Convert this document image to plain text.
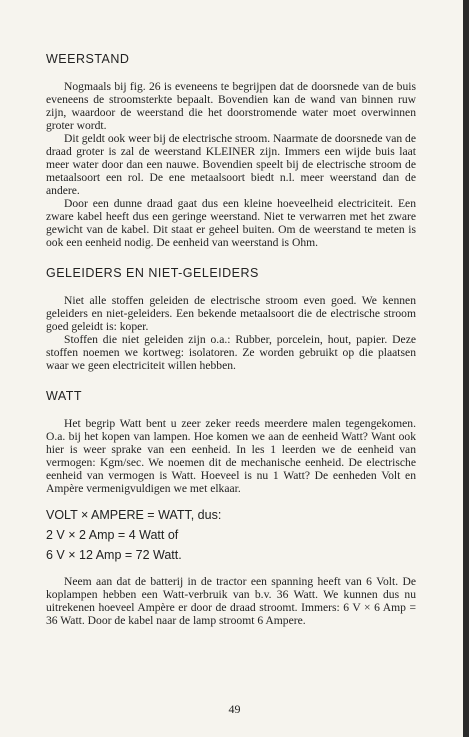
WEERSTAND

Nogmaals bij fig. 26 is eveneens te begrijpen dat de doorsnede van de buis eveneens de stroomsterkte bepaalt. Bovendien kan de wand van binnen ruw zijn, waardoor de weerstand die het doorstromende water moet overwinnen groter wordt.

Dit geldt ook weer bij de electrische stroom. Naarmate de doorsnede van de draad groter is zal de weerstand KLEINER zijn. Immers een wijde buis laat meer water door dan een nauwe. Bovendien speelt bij de electrische stroom de metaalsoort een rol. De ene metaalsoort biedt n.l. meer weerstand dan de andere.

Door een dunne draad gaat dus een kleine hoeveelheid electriciteit. Een zware kabel heeft dus een geringe weerstand. Niet te verwarren met het zware gewicht van de kabel. Dit staat er geheel buiten. Om de weerstand te meten is ook een eenheid nodig. De eenheid van weerstand is Ohm.

GELEIDERS EN NIET-GELEIDERS

Niet alle stoffen geleiden de electrische stroom even goed. We kennen geleiders en niet-geleiders. Een bekende metaalsoort die de electrische stroom goed geleidt is: koper.

Stoffen die niet geleiden zijn o.a.: Rubber, porcelein, hout, papier. Deze stoffen noemen we kortweg: isolatoren. Ze worden gebruikt op die plaatsen waar we geen electriciteit willen hebben.

WATT

Het begrip Watt bent u zeer zeker reeds meerdere malen tegengekomen. O.a. bij het kopen van lampen. Hoe komen we aan de eenheid Watt? Want ook hier is weer sprake van een eenheid. In les 1 leerden we de eenheid van vermogen: Kgm/sec. We noemen dit de mechanische eenheid. De electrische eenheid van vermogen is Watt. Hoeveel is nu 1 Watt? De eenheden Volt en Ampère vermenigvuldigen we met elkaar.

VOLT × AMPERE = WATT, dus:
2 V × 2 Amp = 4 Watt of
6 V × 12 Amp = 72 Watt.

Neem aan dat de batterij in de tractor een spanning heeft van 6 Volt. De koplampen hebben een Watt-verbruik van b.v. 36 Watt. We kunnen dus nu uitrekenen hoeveel Ampère er door de draad stroomt. Immers: 6 V × 6 Amp = 36 Watt. Door de kabel naar de lamp stroomt 6 Ampere.

49
